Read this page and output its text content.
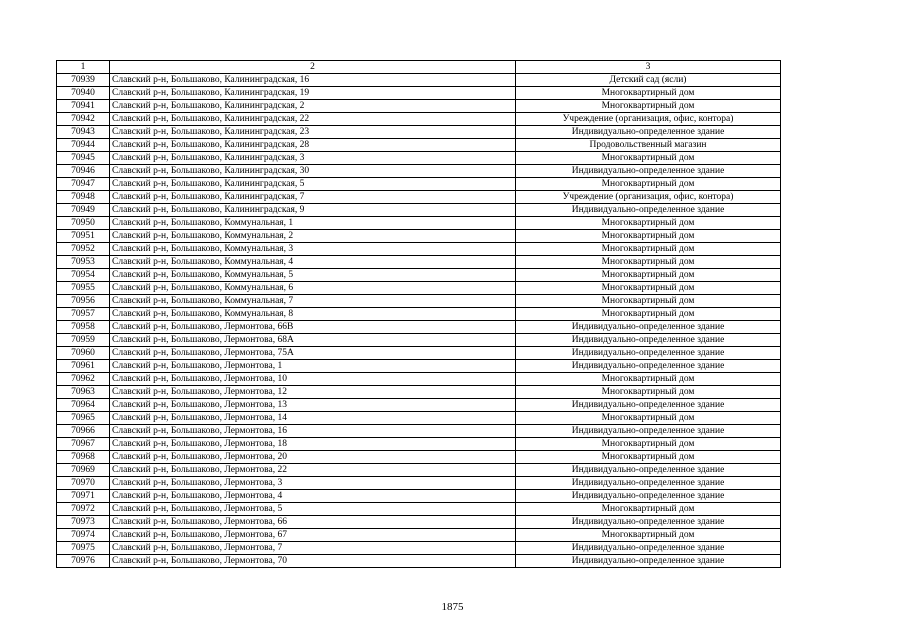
1	2	3
70939	Славский р-н, Большаково, Калининградская, 16	Детский сад (ясли)
70940	Славский р-н, Большаково, Калининградская, 19	Многоквартирный дом
70941	Славский р-н, Большаково, Калининградская, 2	Многоквартирный дом
70942	Славский р-н, Большаково, Калининградская, 22	Учреждение (организация, офис, контора)
70943	Славский р-н, Большаково, Калининградская, 23	Индивидуально-определенное здание
70944	Славский р-н, Большаково, Калининградская, 28	Продовольственный магазин
70945	Славский р-н, Большаково, Калининградская, 3	Многоквартирный дом
70946	Славский р-н, Большаково, Калининградская, 30	Индивидуально-определенное здание
70947	Славский р-н, Большаково, Калининградская, 5	Многоквартирный дом
70948	Славский р-н, Большаково, Калининградская, 7	Учреждение (организация, офис, контора)
70949	Славский р-н, Большаково, Калининградская, 9	Индивидуально-определенное здание
70950	Славский р-н, Большаково, Коммунальная, 1	Многоквартирный дом
70951	Славский р-н, Большаково, Коммунальная, 2	Многоквартирный дом
70952	Славский р-н, Большаково, Коммунальная, 3	Многоквартирный дом
70953	Славский р-н, Большаково, Коммунальная, 4	Многоквартирный дом
70954	Славский р-н, Большаково, Коммунальная, 5	Многоквартирный дом
70955	Славский р-н, Большаково, Коммунальная, 6	Многоквартирный дом
70956	Славский р-н, Большаково, Коммунальная, 7	Многоквартирный дом
70957	Славский р-н, Большаково, Коммунальная, 8	Многоквартирный дом
70958	Славский р-н, Большаково, Лермонтова, 66В	Индивидуально-определенное здание
70959	Славский р-н, Большаково, Лермонтова, 68А	Индивидуально-определенное здание
70960	Славский р-н, Большаково, Лермонтова, 75А	Индивидуально-определенное здание
70961	Славский р-н, Большаково, Лермонтова, 1	Индивидуально-определенное здание
70962	Славский р-н, Большаково, Лермонтова, 10	Многоквартирный дом
70963	Славский р-н, Большаково, Лермонтова, 12	Многоквартирный дом
70964	Славский р-н, Большаково, Лермонтова, 13	Индивидуально-определенное здание
70965	Славский р-н, Большаково, Лермонтова, 14	Многоквартирный дом
70966	Славский р-н, Большаково, Лермонтова, 16	Индивидуально-определенное здание
70967	Славский р-н, Большаково, Лермонтова, 18	Многоквартирный дом
70968	Славский р-н, Большаково, Лермонтова, 20	Многоквартирный дом
70969	Славский р-н, Большаково, Лермонтова, 22	Индивидуально-определенное здание
70970	Славский р-н, Большаково, Лермонтова, 3	Индивидуально-определенное здание
70971	Славский р-н, Большаково, Лермонтова, 4	Индивидуально-определенное здание
70972	Славский р-н, Большаково, Лермонтова, 5	Многоквартирный дом
70973	Славский р-н, Большаково, Лермонтова, 66	Индивидуально-определенное здание
70974	Славский р-н, Большаково, Лермонтова, 67	Многоквартирный дом
70975	Славский р-н, Большаково, Лермонтова, 7	Индивидуально-определенное здание
70976	Славский р-н, Большаково, Лермонтова, 70	Индивидуально-определенное здание
1875
